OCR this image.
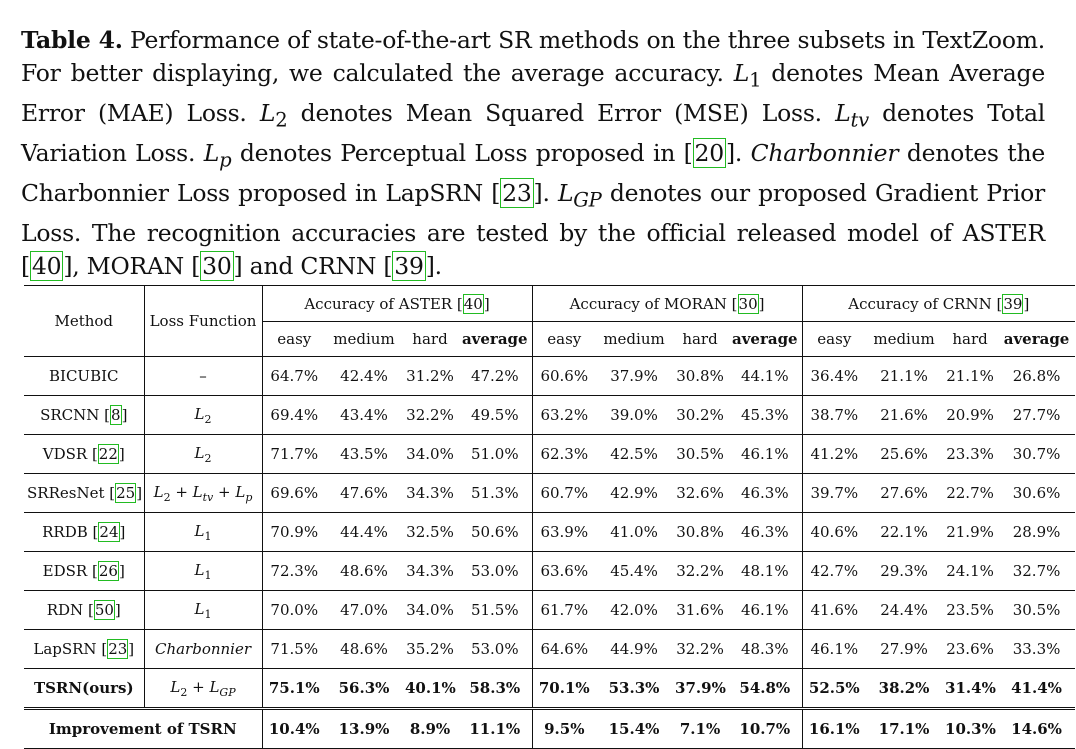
Table 4. Performance of state-of-the-art SR methods on the three subsets in TextZoom. For better displaying, we calculated the average accuracy. $L_1$ denotes Mean Average Error (MAE) Loss. $L_2$ denotes Mean Squared Error (MSE) Loss. $L_{tv}$ denotes Total Variation Loss. $L_p$ denotes Perceptual Loss proposed in [20]. Charbonnier denotes the Charbonnier Loss proposed in LapSRN [23]. $L_{GP}$ denotes our proposed Gradient Prior Loss. The recognition accuracies are tested by the official released model of ASTER [40], MORAN [30] and CRNN [39].
Method	Loss Function	Accuracy of ASTER [40]				Accuracy of MORAN [30]				Accuracy of CRNN [39]			
		easy	medium	hard	average	easy	medium	hard	average	easy	medium	hard	average
BICUBIC	–	64.7%	42.4%	31.2%	47.2%	60.6%	37.9%	30.8%	44.1%	36.4%	21.1%	21.1%	26.8%
SRCNN [8]	$L_2$	69.4%	43.4%	32.2%	49.5%	63.2%	39.0%	30.2%	45.3%	38.7%	21.6%	20.9%	27.7%
VDSR [22]	$L_2$	71.7%	43.5%	34.0%	51.0%	62.3%	42.5%	30.5%	46.1%	41.2%	25.6%	23.3%	30.7%
SRResNet [25]	$L_2 + L_{tv} + L_p$	69.6%	47.6%	34.3%	51.3%	60.7%	42.9%	32.6%	46.3%	39.7%	27.6%	22.7%	30.6%
RRDB [24]	$L_1$	70.9%	44.4%	32.5%	50.6%	63.9%	41.0%	30.8%	46.3%	40.6%	22.1%	21.9%	28.9%
EDSR [26]	$L_1$	72.3%	48.6%	34.3%	53.0%	63.6%	45.4%	32.2%	48.1%	42.7%	29.3%	24.1%	32.7%
RDN [50]	$L_1$	70.0%	47.0%	34.0%	51.5%	61.7%	42.0%	31.6%	46.1%	41.6%	24.4%	23.5%	30.5%
LapSRN [23]	Charbonnier	71.5%	48.6%	35.2%	53.0%	64.6%	44.9%	32.2%	48.3%	46.1%	27.9%	23.6%	33.3%
TSRN(ours)	$L_2 + L_{GP}$	75.1%	56.3%	40.1%	58.3%	70.1%	53.3%	37.9%	54.8%	52.5%	38.2%	31.4%	41.4%
Improvement of TSRN		10.4%	13.9%	8.9%	11.1%	9.5%	15.4%	7.1%	10.7%	16.1%	17.1%	10.3%	14.6%
